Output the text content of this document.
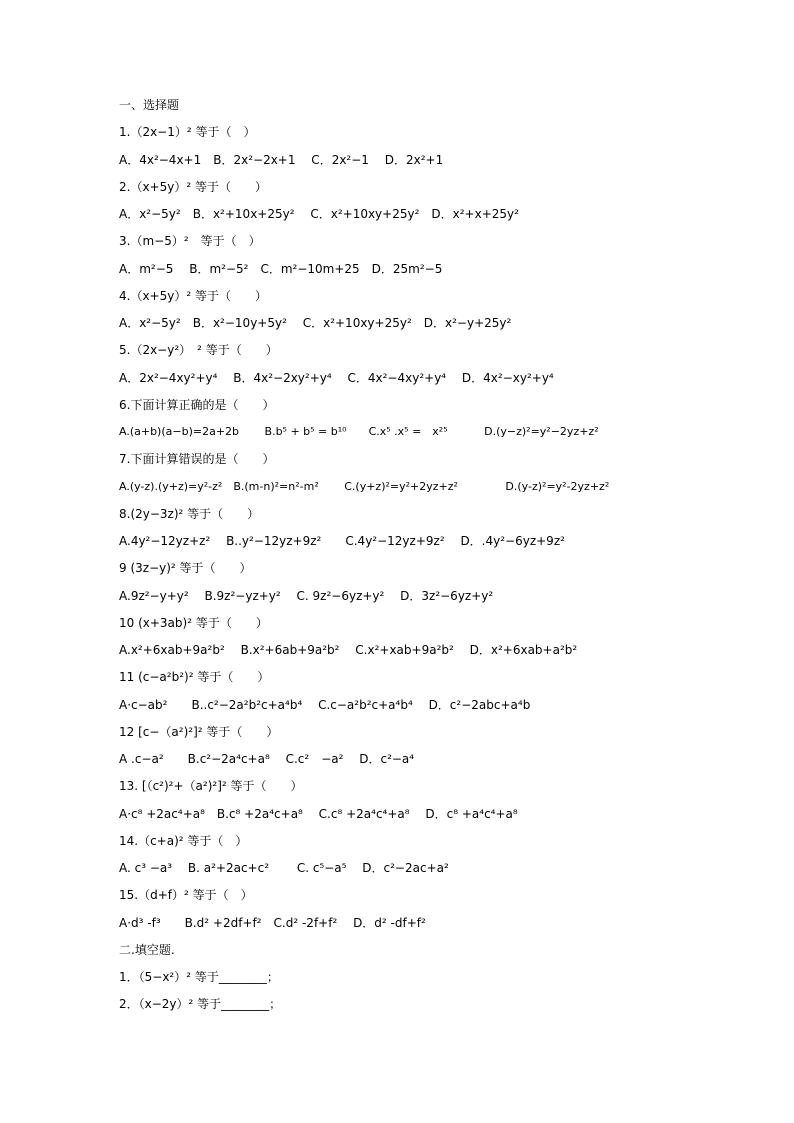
一、选择题
1.（2x−1）² 等于（　）
A．4x²−4x+1　B．2x²−2x+1　 C．2x²−1　 D．2x²+1
2.（x+5y）² 等于（　　）
A．x²−5y²　B．x²+10x+25y²　 C．x²+10xy+25y²　D．x²+x+25y²
3.（m−5）²　等于（　）
A．m²−5　 B．m²−5²　C．m²−10m+25　D．25m²−5
4.（x+5y）² 等于（　　）
A．x²−5y²　B．x²−10y+5y²　 C．x²+10xy+25y²　D．x²−y+25y²
5.（2x−y²）　² 等于（　　）
A．2x²−4xy²+y⁴　 B．4x²−2xy²+y⁴　 C．4x²−4xy²+y⁴　 D．4x²−xy²+y⁴
6.下面计算正确的是（　　）
A.(a+b)(a−b)=2a+2b　　 B.b⁵ + b⁵ = b¹⁰　　C.x⁵ .x⁵ =　x²⁵　　　 D.(y−z)²=y²−2yz+z²
7.下面计算错误的是（　　）
A.(y-z).(y+z)=y²-z²　B.(m-n)²=n²-m²　　 C.(y+z)²=y²+2yz+z²　　　　 D.(y-z)²=y²-2yz+z²
8.(2y−3z)² 等于（　　）
A.4y²−12yz+z²　 B..y²−12yz+9z²　　C.4y²−12yz+9z²　 D．.4y²−6yz+9z²
9 (3z−y)² 等于（　　）
A.9z²−y+y²　 B.9z²−yz+y²　 C. 9z²−6yz+y²　 D．3z²−6yz+y²
10 (x+3ab)² 等于（　　）
A.x²+6xab+9a²b²　 B.x²+6ab+9a²b²　 C.x²+xab+9a²b²　 D．x²+6xab+a²b²
11 (c−a²b²)² 等于（　　）
A·c−ab²　　B..c²−2a²b²c+a⁴b⁴　 C.c−a²b²c+a⁴b⁴　 D．c²−2abc+a⁴b
12 [c−（a²)²]² 等于（　　）
A .c−a²　　B.c²−2a⁴c+a⁸　 C.c²　−a²　 D．c²−a⁴
13. [（c²)²+（a²)²]² 等于（　　）
A·c⁸ +2ac⁴+a⁸　B.c⁸ +2a⁴c+a⁸　 C.c⁸ +2a⁴c⁴+a⁸　 D．c⁸ +a⁴c⁴+a⁸
14.（c+a)² 等于（　）
A. c³ −a³　 B. a²+2ac+c²　　 C. c⁵−a⁵　 D．c²−2ac+a²
15.（d+f）² 等于（　）
A·d³ -f³　　B.d² +2df+f²　C.d² -2f+f²　 D．d² -df+f²
二.填空题.
1．（5−x²）² 等于________；
2．（x−2y）² 等于________；
